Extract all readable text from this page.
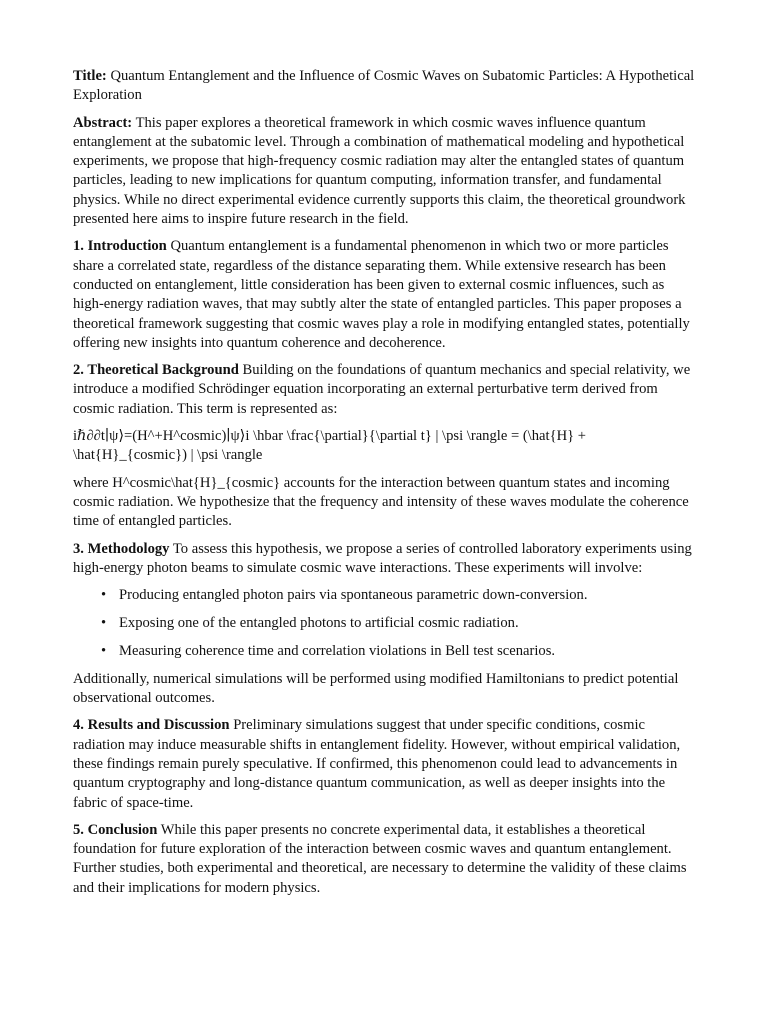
Title: Quantum Entanglement and the Influence of Cosmic Waves on Subatomic Particles: A Hypothetical Exploration

Abstract: This paper explores a theoretical framework in which cosmic waves influence quantum entanglement at the subatomic level. Through a combination of mathematical modeling and hypothetical experiments, we propose that high-frequency cosmic radiation may alter the entangled states of quantum particles, leading to new implications for quantum computing, information transfer, and fundamental physics. While no direct experimental evidence currently supports this claim, the theoretical groundwork presented here aims to inspire future research in the field.

1. Introduction Quantum entanglement is a fundamental phenomenon in which two or more particles share a correlated state, regardless of the distance separating them. While extensive research has been conducted on entanglement, little consideration has been given to external cosmic influences, such as high-energy radiation waves, that may subtly alter the state of entangled particles. This paper proposes a theoretical framework suggesting that cosmic waves play a role in modifying entangled states, potentially offering new insights into quantum coherence and decoherence.

2. Theoretical Background Building on the foundations of quantum mechanics and special relativity, we introduce a modified Schrödinger equation incorporating an external perturbative term derived from cosmic radiation. This term is represented as:

iℏ∂∂t∣ψ⟩=(H^+H^cosmic)∣ψ⟩i \hbar \frac{\partial}{\partial t} | \psi \rangle = (\hat{H} + \hat{H}_{cosmic}) | \psi \rangle

where H^cosmic\hat{H}_{cosmic} accounts for the interaction between quantum states and incoming cosmic radiation. We hypothesize that the frequency and intensity of these waves modulate the coherence time of entangled particles.

3. Methodology To assess this hypothesis, we propose a series of controlled laboratory experiments using high-energy photon beams to simulate cosmic wave interactions. These experiments will involve:

• Producing entangled photon pairs via spontaneous parametric down-conversion.
• Exposing one of the entangled photons to artificial cosmic radiation.
• Measuring coherence time and correlation violations in Bell test scenarios.

Additionally, numerical simulations will be performed using modified Hamiltonians to predict potential observational outcomes.

4. Results and Discussion Preliminary simulations suggest that under specific conditions, cosmic radiation may induce measurable shifts in entanglement fidelity. However, without empirical validation, these findings remain purely speculative. If confirmed, this phenomenon could lead to advancements in quantum cryptography and long-distance quantum communication, as well as deeper insights into the fabric of space-time.

5. Conclusion While this paper presents no concrete experimental data, it establishes a theoretical foundation for future exploration of the interaction between cosmic waves and quantum entanglement. Further studies, both experimental and theoretical, are necessary to determine the validity of these claims and their implications for modern physics.
